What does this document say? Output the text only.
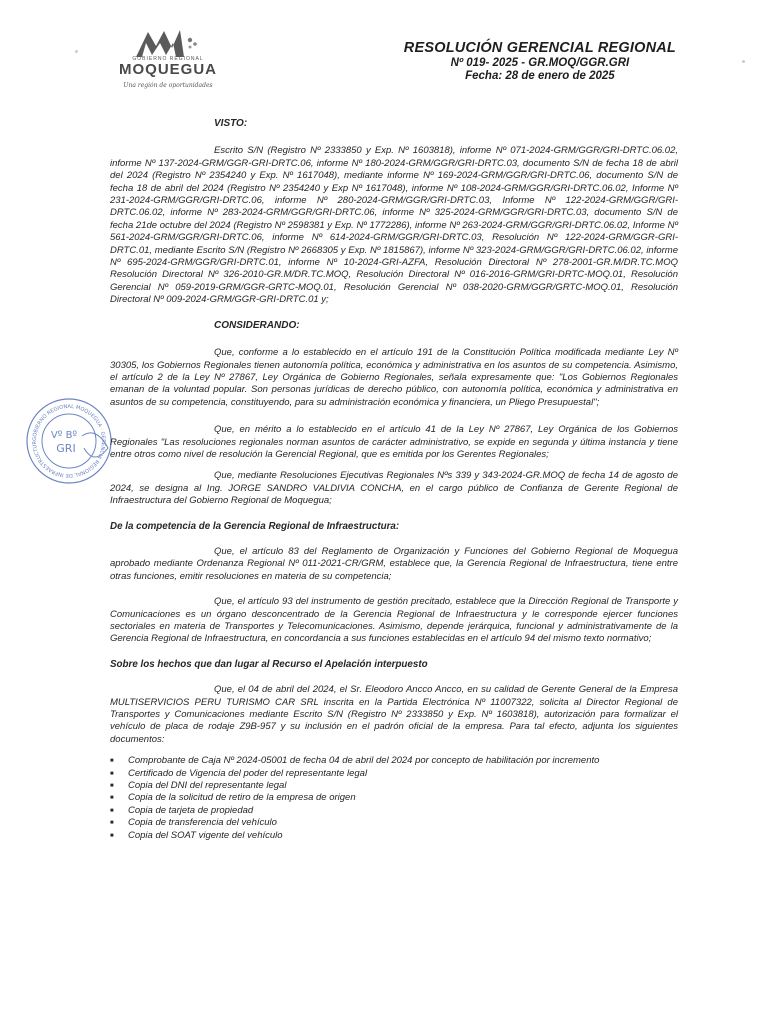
GOBIERNO REGIONAL
MOQUEGUA
Una región de oportunidades
RESOLUCIÓN GERENCIAL REGIONAL
Nº 019- 2025 - GR.MOQ/GGR.GRI
Fecha: 28 de enero de 2025
GOBIERNO REGIONAL MOQUEGUA · GERENCIA REGIONAL DE INFRAESTRUCTUR
Vº Bº
GRI
VISTO:

Escrito S/N (Registro Nº 2333850 y Exp. Nº 1603818), informe Nº 071-2024-GRM/GGR/GRI-DRTC.06.02, informe Nº 137-2024-GRM/GGR-GRI-DRTC.06, informe Nº 180-2024-GRM/GGR/GRI-DRTC.03, documento S/N de fecha 18 de abril del 2024 (Registro Nº 2354240 y Exp. Nº 1617048), mediante informe Nº 169-2024-GRM/GGR/GRI-DRTC.06, documento S/N de fecha 18 de abril del 2024 (Registro Nº 2354240 y Exp Nº 1617048), informe Nº 108-2024-GRM/GGR/GRI-DRTC.06.02, Informe Nº 231-2024-GRM/GGR/GRI-DRTC.06, informe Nº 280-2024-GRM/GGR/GRI-DRTC.03, Informe Nº 122-2024-GRM/GGR/GRI-DRTC.06.02, informe Nº 283-2024-GRM/GGR/GRI-DRTC.06, informe Nº 325-2024-GRM/GGR/GRI-DRTC.03, documento S/N de fecha 21de octubre del 2024 (Registro Nº 2598381 y Exp. Nº 1772286), informe Nº 263-2024-GRM/GGR/GRI-DRTC.06.02, Informe Nº 561-2024-GRM/GGR/GRI-DRTC.06, informe Nº 614-2024-GRM/GGR/GRI-DRTC.03, Resolución Nº 122-2024-GRM/GGR-GRI-DRTC.01, mediante Escrito S/N (Registro Nº 2668305 y Exp. Nº 1815867), informe Nº 323-2024-GRM/GGR/GRI-DRTC.06.02, informe Nº 695-2024-GRM/GGR/GRI-DRTC.01, informe Nº 10-2024-GRI-AZFA, Resolución Directoral Nº 278-2001-GR.M/DR.TC.MOQ Resolución Directoral Nº 326-2010-GR.M/DR.TC.MOQ, Resolución Directoral Nº 016-2016-GRM/GRI-DRTC-MOQ.01, Resolución Gerencial Nº 059-2019-GRM/GGR-GRTC-MOQ.01, Resolución Gerencial Nº 038-2020-GRM/GGR/GRTC-MOQ.01, Resolución Directoral Nº 009-2024-GRM/GGR-GRI-DRTC.01 y;

CONSIDERANDO:

Que, conforme a lo establecido en el artículo 191 de la Constitución Política modificada mediante Ley Nº 30305, los Gobiernos Regionales tienen autonomía política, económica y administrativa en los asuntos de su competencia. Asimismo, el artículo 2 de la Ley Nº 27867, Ley Orgánica de Gobierno Regionales, señala expresamente que: "Los Gobiernos Regionales emanan de la voluntad popular. Son personas jurídicas de derecho público, con autonomía política, económica y administrativa en asuntos de su competencia, constituyendo, para su administración económica y financiera, un Pliego Presupuestal";

Que, en mérito a lo establecido en el artículo 41 de la Ley Nº 27867, Ley Orgánica de los Gobiernos Regionales "Las resoluciones regionales norman asuntos de carácter administrativo, se expide en segunda y última instancia y tiene entre otros como nivel de resolución la Gerencial Regional, que es emitida por los Gerentes Regionales;

Que, mediante Resoluciones Ejecutivas Regionales Nºs 339 y 343-2024-GR.MOQ de fecha 14 de agosto de 2024, se designa al Ing. JORGE SANDRO VALDIVIA CONCHA, en el cargo público de Confianza de Gerente Regional de Infraestructura del Gobierno Regional de Moquegua;

De la competencia de la Gerencia Regional de Infraestructura:

Que, el artículo 83 del Reglamento de Organización y Funciones del Gobierno Regional de Moquegua aprobado mediante Ordenanza Regional Nº 011-2021-CR/GRM, establece que, la Gerencia Regional de Infraestructura, tiene entre otras funciones, emitir resoluciones en materia de su competencia;

Que, el artículo 93 del instrumento de gestión precitado, establece que la Dirección Regional de Transporte y Comunicaciones es un órgano desconcentrado de la Gerencia Regional de Infraestructura y le corresponde ejercer funciones sectoriales en materia de Transportes y Telecomunicaciones. Asimismo, depende jerárquica, funcional y administrativamente de la Gerencia Regional de Infraestructura, en concordancia a sus funciones establecidas en el artículo 94 del mismo texto normativo;

Sobre los hechos que dan lugar al Recurso el Apelación interpuesto

Que, el 04 de abril del 2024, el Sr. Eleodoro Ancco Ancco, en su calidad de Gerente General de la Empresa MULTISERVICIOS PERU TURISMO CAR SRL inscrita en la Partida Electrónica Nº 11007322, solicita al Director Regional de Transportes y Comunicaciones mediante Escrito S/N (Registro Nº 2333850 y Exp. Nº 1603818), autorización para formalizar el vehículo de placa de rodaje Z9B-957 y su inclusión en el padrón oficial de la empresa. Para tal efecto, adjunta los siguientes documentos:

■ Comprobante de Caja Nº 2024-05001 de fecha 04 de abril del 2024 por concepto de habilitación por incremento
■ Certificado de Vigencia del poder del representante legal
■ Copia del DNI del representante legal
■ Copia de la solicitud de retiro de la empresa de origen
■ Copia de tarjeta de propiedad
■ Copia de transferencia del vehículo
■ Copia del SOAT vigente del vehículo
